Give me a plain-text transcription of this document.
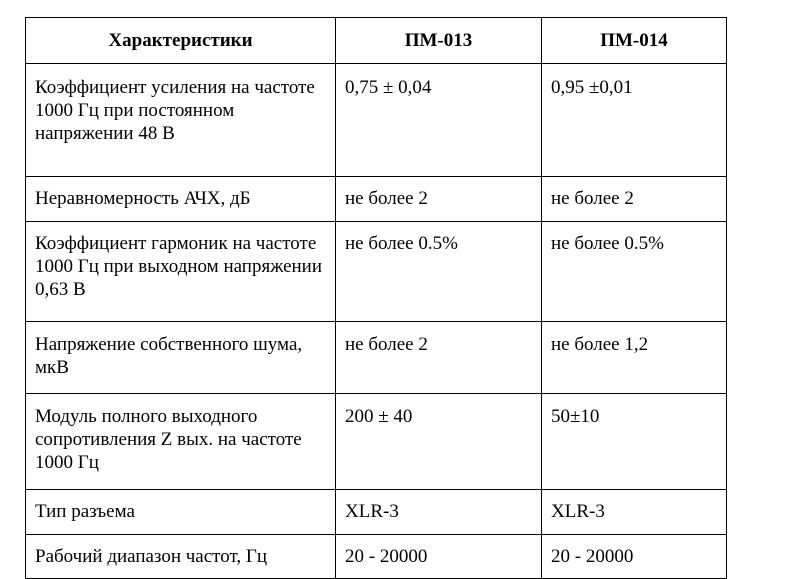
Характеристики	ПМ-013	ПМ-014
Коэффициент усиления на частоте 1000 Гц при постоянном напряжении 48 В	0,75 ± 0,04	0,95 ±0,01
Неравномерность АЧХ, дБ	не более 2	не более 2
Коэффициент гармоник на частоте 1000 Гц при выходном напряжении 0,63 В	не более 0.5%	не более 0.5%
Напряжение собственного шума, мкВ	не более 2	не более 1,2
Модуль полного выходного сопротивления Z вых. на частоте 1000 Гц	200 ± 40	50±10
Тип разъема	XLR-3	XLR-3
Рабочий диапазон частот, Гц	20 - 20000	20 - 20000
